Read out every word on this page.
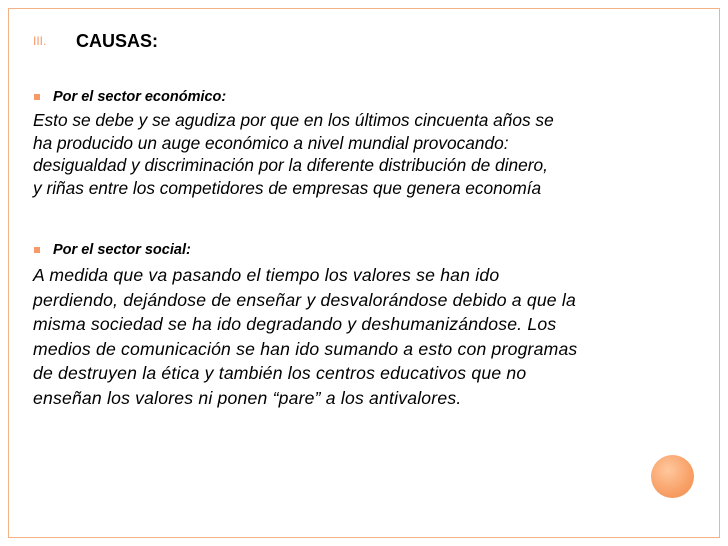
III. CAUSAS:
Por el sector económico:
Esto se debe y se agudiza por que en los últimos cincuenta años se
ha producido un auge económico a nivel mundial provocando:
desigualdad y discriminación por la diferente distribución de dinero,
y riñas entre los competidores de empresas que genera economía
Por el sector social:
A medida que va pasando el tiempo los valores se han ido
perdiendo, dejándose de enseñar y desvalorándose debido a que la
misma sociedad se ha ido degradando y deshumanizándose. Los
medios de comunicación se han ido sumando a esto con programas
de destruyen la ética y también los centros educativos que no
enseñan los valores ni ponen “pare” a los antivalores.
